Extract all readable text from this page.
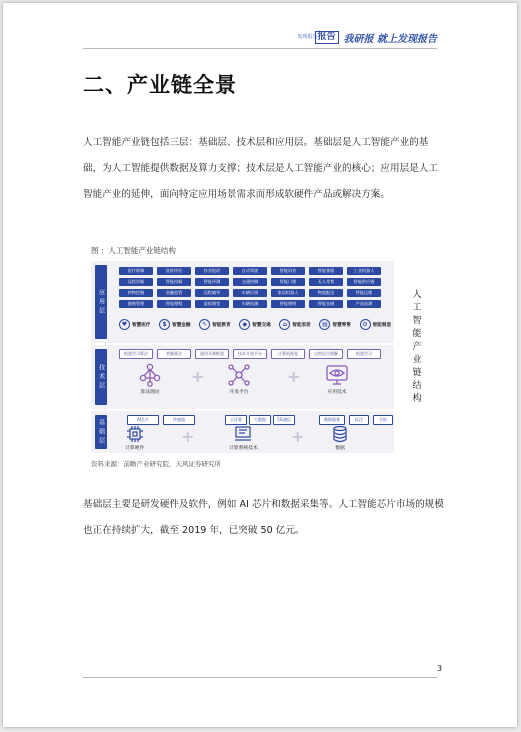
发现报告 报告 我研报 就上发现报告
二、产业链全景
人工智能产业链包括三层：基础层、技术层和应用层。基础层是人工智能产业的基础，为人工智能提供数据及算力支撑；技术层是人工智能产业的核心；应用层是人工智能产业的延伸，面向特定应用场景需求而形成软硬件产品或解决方案。
图 ：人工智能产业链结构
应用层
医疗影像	货款评估	作业批改	自动驾驶	智能语音	智能客服	工业机器人
远程诊断	智能投顾	智能评测	交通控制	智能门锁	无人零售	智能供应链
药物挖掘	金融监管	远程辅导	车辆识别	家居机器人	物流配送	智能运维
健康管理	智能理赔	虚拟课堂	车辆检测	智能照明	智能仓储	产品检测
♥	智慧医疗	$	智慧金融	✎	智能教育	◆	智慧交通	⌂	智能家居	▤	智慧零售	⚙	智能制造
技术层
机器学习算法	类脑算法	通用开源框架	技术开放平台	计算机视觉	自然语言理解	机器学习
算法理论
+
开发平台
+
应用技术
基础层	AI芯片	传感器	云计算	大数据	5G通信	数据服务	标注	分析
计算硬件
+
计算系统技术
+
数据
人工智能产业链结构
资料来源：前瞻产业研究院，天风证券研究所
基础层主要是研发硬件及软件，例如 AI 芯片和数据采集等。人工智能芯片市场的规模也正在持续扩大，截至 2019 年，已突破 50 亿元。
3
